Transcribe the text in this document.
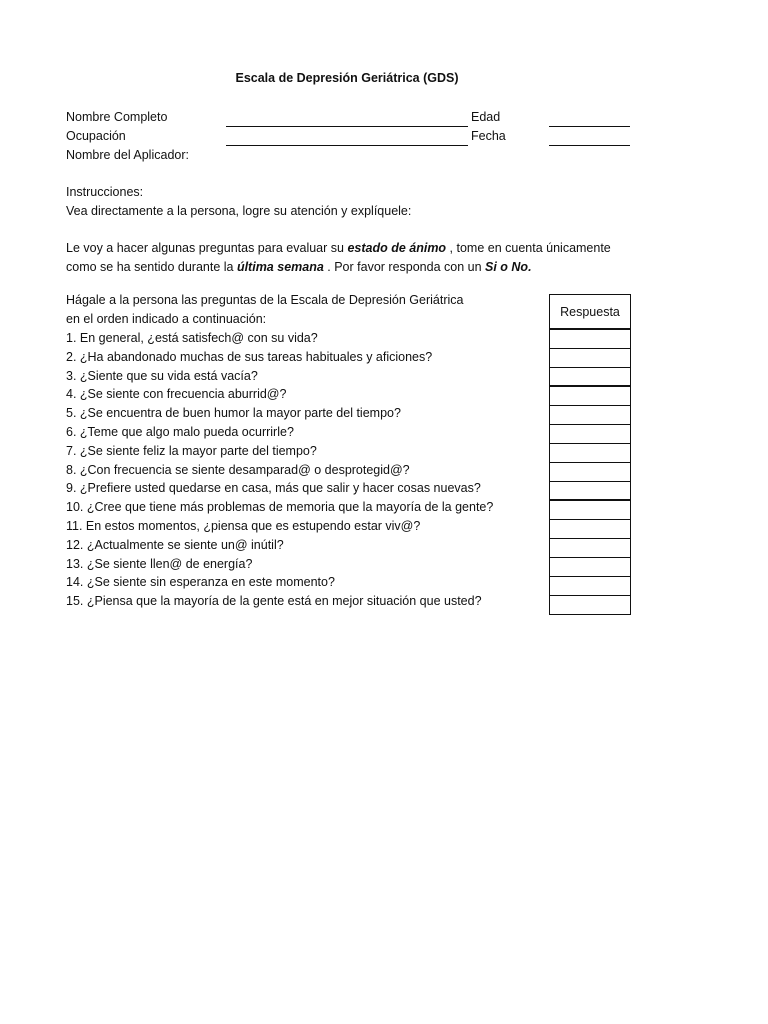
Escala de Depresión Geriátrica (GDS)
Nombre Completo	Edad
Ocupación	Fecha
Nombre del Aplicador:
Instrucciones:
Vea directamente a la persona, logre su atención y explíquele:
Le voy a hacer algunas preguntas para evaluar su estado de ánimo , tome en cuenta únicamente
como se ha sentido durante la última semana . Por favor responda con un Si o No.
Hágale a la persona las preguntas de la Escala de Depresión Geriátrica
en el orden indicado a continuación:
1. En general, ¿está satisfech@ con su vida?
2. ¿Ha abandonado muchas de sus tareas habituales y aficiones?
3. ¿Siente que su vida está vacía?
4. ¿Se siente con frecuencia aburrid@?
5. ¿Se encuentra de buen humor la mayor parte del tiempo?
6. ¿Teme que algo malo pueda ocurrirle?
7. ¿Se siente feliz la mayor parte del tiempo?
8. ¿Con frecuencia se siente desamparad@ o desprotegid@?
9. ¿Prefiere usted quedarse en casa, más que salir y hacer cosas nuevas?
10. ¿Cree que tiene más problemas de memoria que la mayoría de la gente?
11. En estos momentos, ¿piensa que es estupendo estar viv@?
12. ¿Actualmente se siente un@ inútil?
13. ¿Se siente llen@ de energía?
14. ¿Se siente sin esperanza en este momento?
15. ¿Piensa que la mayoría de la gente está en mejor situación que usted?
Respuesta
